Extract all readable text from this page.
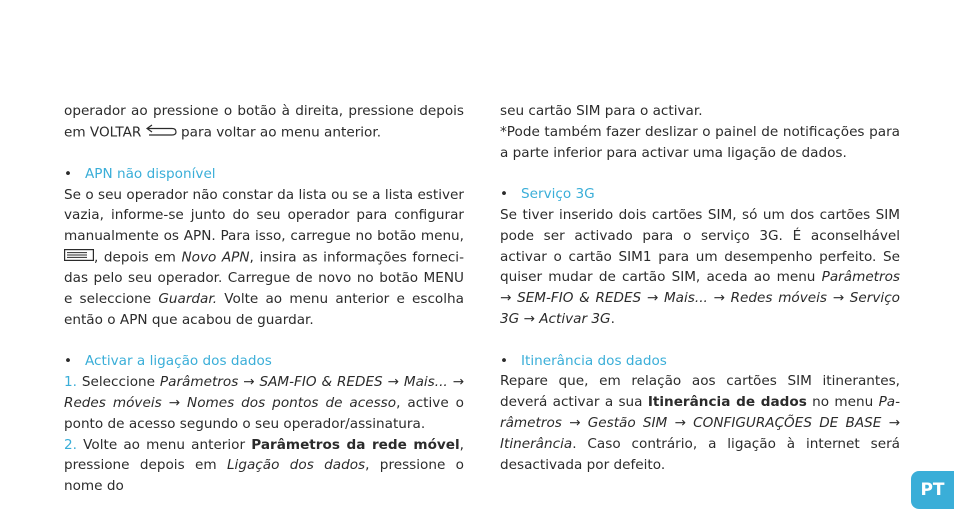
operador ao pressione o botão à direita, pressione depois em VOLTAR  para voltar ao menu anterior.

• APN não disponível

Se o seu operador não constar da lista ou se a lista estiver vazia, informe-se junto do seu operador para configurar manualmente os APN. Para isso, carregue no botão menu, , depois em Novo APN, insira as informações fornecidas pelo seu operador. Carregue de novo no botão MENU e seleccione Guardar. Volte ao menu anterior e escolha então o APN que acabou de guardar.

• Activar a ligação dos dados

1. Seleccione Parâmetros → SAM-FIO & REDES → Mais... → Redes móveis → Nomes dos pontos de acesso, active o ponto de acesso segundo o seu operador/assinatura.

2. Volte ao menu anterior Parâmetros da rede móvel, pressione depois em Ligação dos dados, pressione o nome do

seu cartão SIM para o activar.

*Pode também fazer deslizar o painel de notificações para a parte inferior para activar uma ligação de dados.

• Serviço 3G

Se tiver inserido dois cartões SIM, só um dos cartões SIM pode ser activado para o serviço 3G. É aconselhável activar o cartão SIM1 para um desempenho perfeito. Se quiser mudar de cartão SIM, aceda ao menu Parâmetros → SEM-FIO & REDES → Mais... → Redes móveis → Serviço 3G → Activar 3G.

• Itinerância dos dados

Repare que, em relação aos cartões SIM itinerantes, deverá activar a sua Itinerância de dados no menu Parâmetros → Gestão SIM → CONFIGURAÇÕES DE BASE → Itinerância. Caso contrário, a ligação à internet será desactivada por defeito.

PT
